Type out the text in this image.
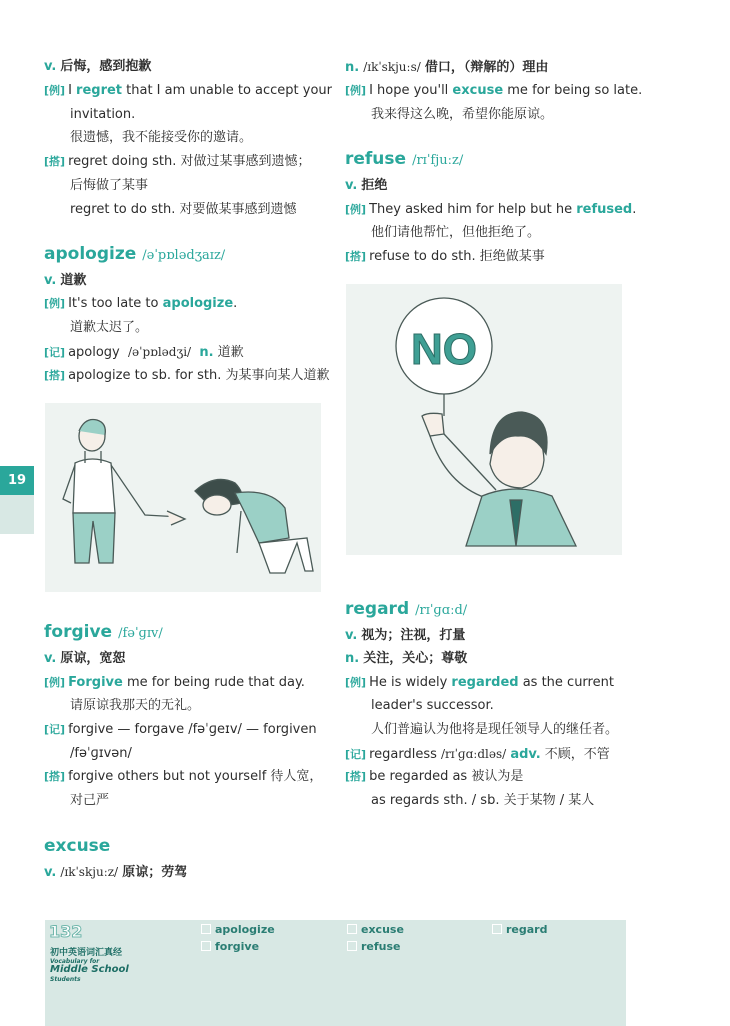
v. 后悔，感到抱歉
[例] I regret that I am unable to accept your
invitation.
很遗憾，我不能接受你的邀请。
[搭] regret doing sth. 对做过某事感到遗憾；
后悔做了某事
regret to do sth. 对要做某事感到遗憾
apologize /əˈpɒlədʒaɪz/
v. 道歉
[例] It's too late to apologize.
道歉太迟了。
[记] apology /əˈpɒlədʒi/ n. 道歉
[搭] apologize to sb. for sth. 为某事向某人道歉
forgive /fəˈɡɪv/
v. 原谅，宽恕
[例] Forgive me for being rude that day.
请原谅我那天的无礼。
[记] forgive — forgave /fəˈɡeɪv/ — forgiven
/fəˈɡɪvən/
[搭] forgive others but not yourself 待人宽，
对己严
excuse
v. /ɪkˈskjuːz/ 原谅；劳驾
n. /ɪkˈskjuːs/ 借口，（辩解的）理由
[例] I hope you'll excuse me for being so late.
我来得这么晚，希望你能原谅。
refuse /rɪˈfjuːz/
v. 拒绝
[例] They asked him for help but he refused.
他们请他帮忙，但他拒绝了。
[搭] refuse to do sth. 拒绝做某事
NO
regard /rɪˈɡɑːd/
v. 视为；注视，打量
n. 关注，关心；尊敬
[例] He is widely regarded as the current
leader's successor.
人们普遍认为他将是现任领导人的继任者。
[记] regardless /rɪˈɡɑːdləs/ adv. 不顾，不管
[搭] be regarded as 被认为是
as regards sth. / sb. 关于某物 / 某人
19
132
初中英语词汇真经
Vocabulary for
Middle School
Students
apologize
forgive
excuse
refuse
regard
